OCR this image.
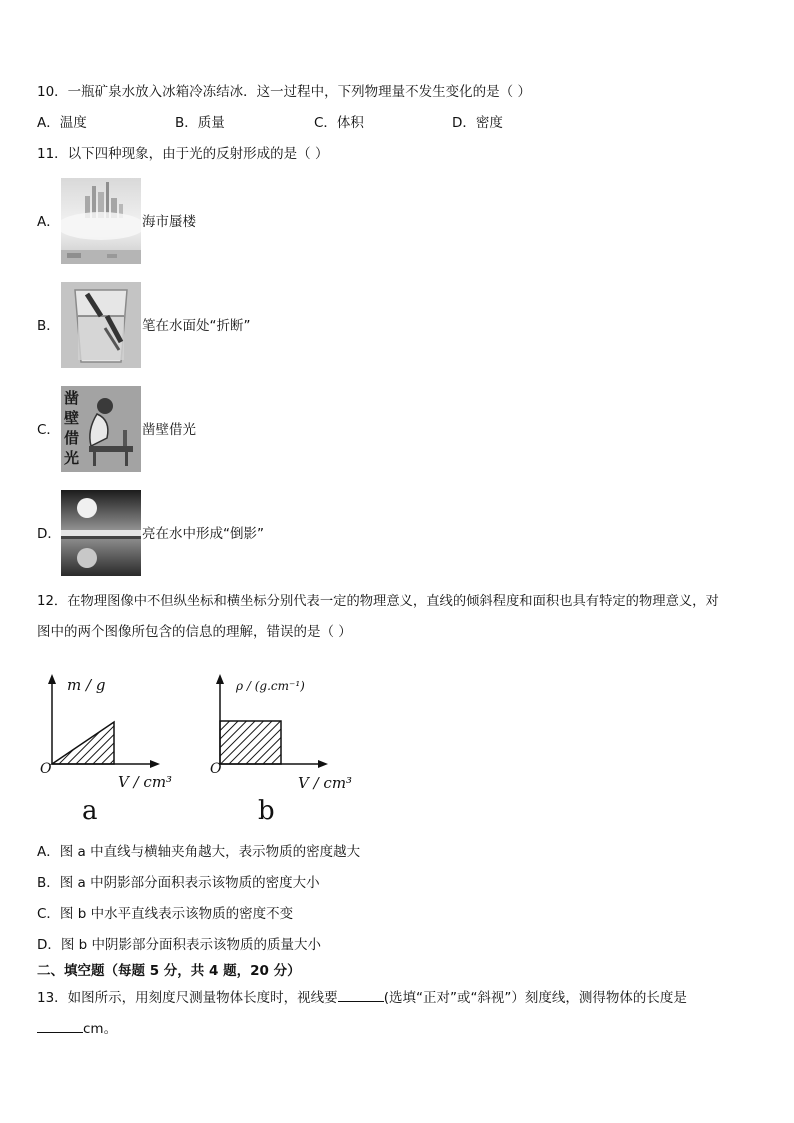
10．一瓶矿泉水放入冰箱冷冻结冰．这一过程中，下列物理量不发生变化的是（ ）
A．温度	B．质量	C．体积	D．密度
11．以下四种现象，由于光的反射形成的是（ ）
A．	海市蜃楼
B．	笔在水面处“折断”
C．
凿
壁
借
光
凿壁借光
D．	亮在水中形成“倒影”
12．在物理图像中不但纵坐标和横坐标分别代表一定的物理意义，直线的倾斜程度和面积也具有特定的物理意义，对
图中的两个图像所包含的信息的理解，错误的是（ ）
m / g
O
V / cm³
a
ρ / (g.cm⁻¹)
O
V / cm³
b
A．图 a 中直线与横轴夹角越大，表示物质的密度越大
B．图 a 中阴影部分面积表示该物质的密度大小
C．图 b 中水平直线表示该物质的密度不变
D．图 b 中阴影部分面积表示该物质的质量大小
二、填空题（每题 5 分，共 4 题，20 分）
13．如图所示，用刻度尺测量物体长度时，视线要	(选填“正对”或“斜视”）刻度线，测得物体的长度是
cm。
